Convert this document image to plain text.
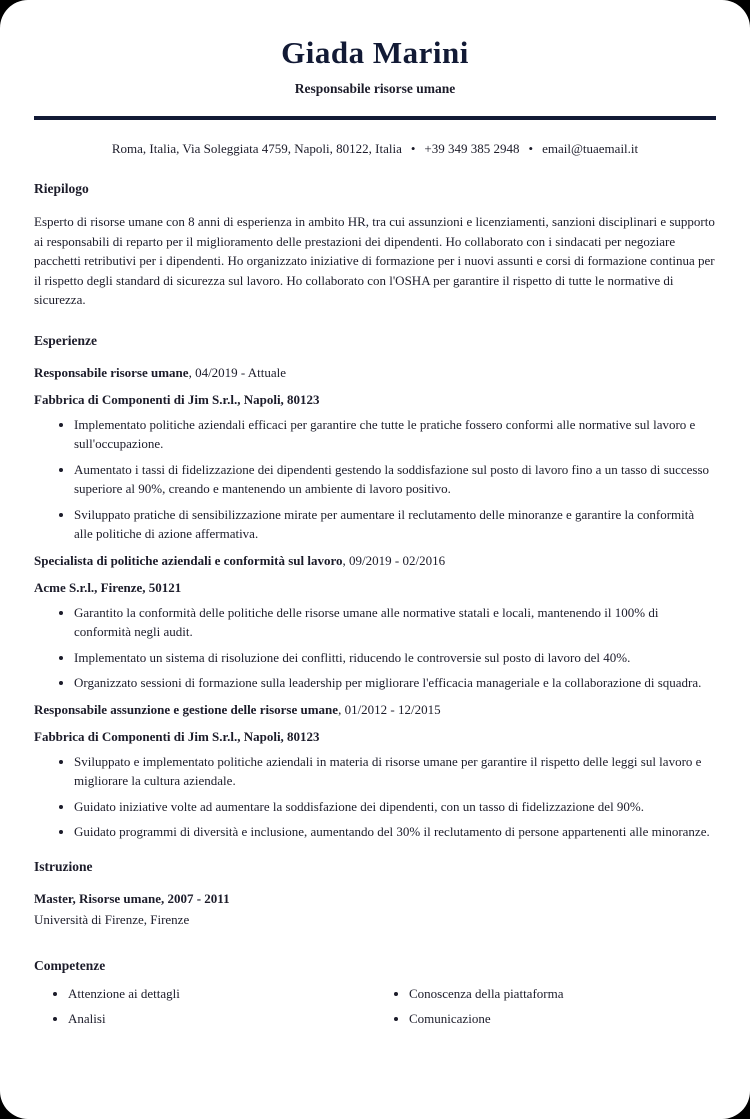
Giada Marini
Responsabile risorse umane
Roma, Italia, Via Soleggiata 4759, Napoli, 80122, Italia • +39 349 385 2948 • email@tuaemail.it
Riepilogo

Esperto di risorse umane con 8 anni di esperienza in ambito HR, tra cui assunzioni e licenziamenti, sanzioni disciplinari e supporto ai responsabili di reparto per il miglioramento delle prestazioni dei dipendenti. Ho collaborato con i sindacati per negoziare pacchetti retributivi per i dipendenti. Ho organizzato iniziative di formazione per i nuovi assunti e corsi di formazione continua per il rispetto degli standard di sicurezza sul lavoro. Ho collaborato con l'OSHA per garantire il rispetto di tutte le normative di sicurezza.

Esperienze
Responsabile risorse umane, 04/2019 - Attuale
Fabbrica di Componenti di Jim S.r.l., Napoli, 80123
• Implementato politiche aziendali efficaci per garantire che tutte le pratiche fossero conformi alle normative sul lavoro e sull'occupazione.
• Aumentato i tassi di fidelizzazione dei dipendenti gestendo la soddisfazione sul posto di lavoro fino a un tasso di successo superiore al 90%, creando e mantenendo un ambiente di lavoro positivo.
• Sviluppato pratiche di sensibilizzazione mirate per aumentare il reclutamento delle minoranze e garantire la conformità alle politiche di azione affermativa.
Specialista di politiche aziendali e conformità sul lavoro, 09/2019 - 02/2016
Acme S.r.l., Firenze, 50121
• Garantito la conformità delle politiche delle risorse umane alle normative statali e locali, mantenendo il 100% di conformità negli audit.
• Implementato un sistema di risoluzione dei conflitti, riducendo le controversie sul posto di lavoro del 40%.
• Organizzato sessioni di formazione sulla leadership per migliorare l'efficacia manageriale e la collaborazione di squadra.
Responsabile assunzione e gestione delle risorse umane, 01/2012 - 12/2015
Fabbrica di Componenti di Jim S.r.l., Napoli, 80123
• Sviluppato e implementato politiche aziendali in materia di risorse umane per garantire il rispetto delle leggi sul lavoro e migliorare la cultura aziendale.
• Guidato iniziative volte ad aumentare la soddisfazione dei dipendenti, con un tasso di fidelizzazione del 90%.
• Guidato programmi di diversità e inclusione, aumentando del 30% il reclutamento di persone appartenenti alle minoranze.
Istruzione
Master, Risorse umane, 2007 - 2011
Università di Firenze, Firenze
Competenze
• Attenzione ai dettagli
• Analisi
• Conoscenza della piattaforma
• Comunicazione
